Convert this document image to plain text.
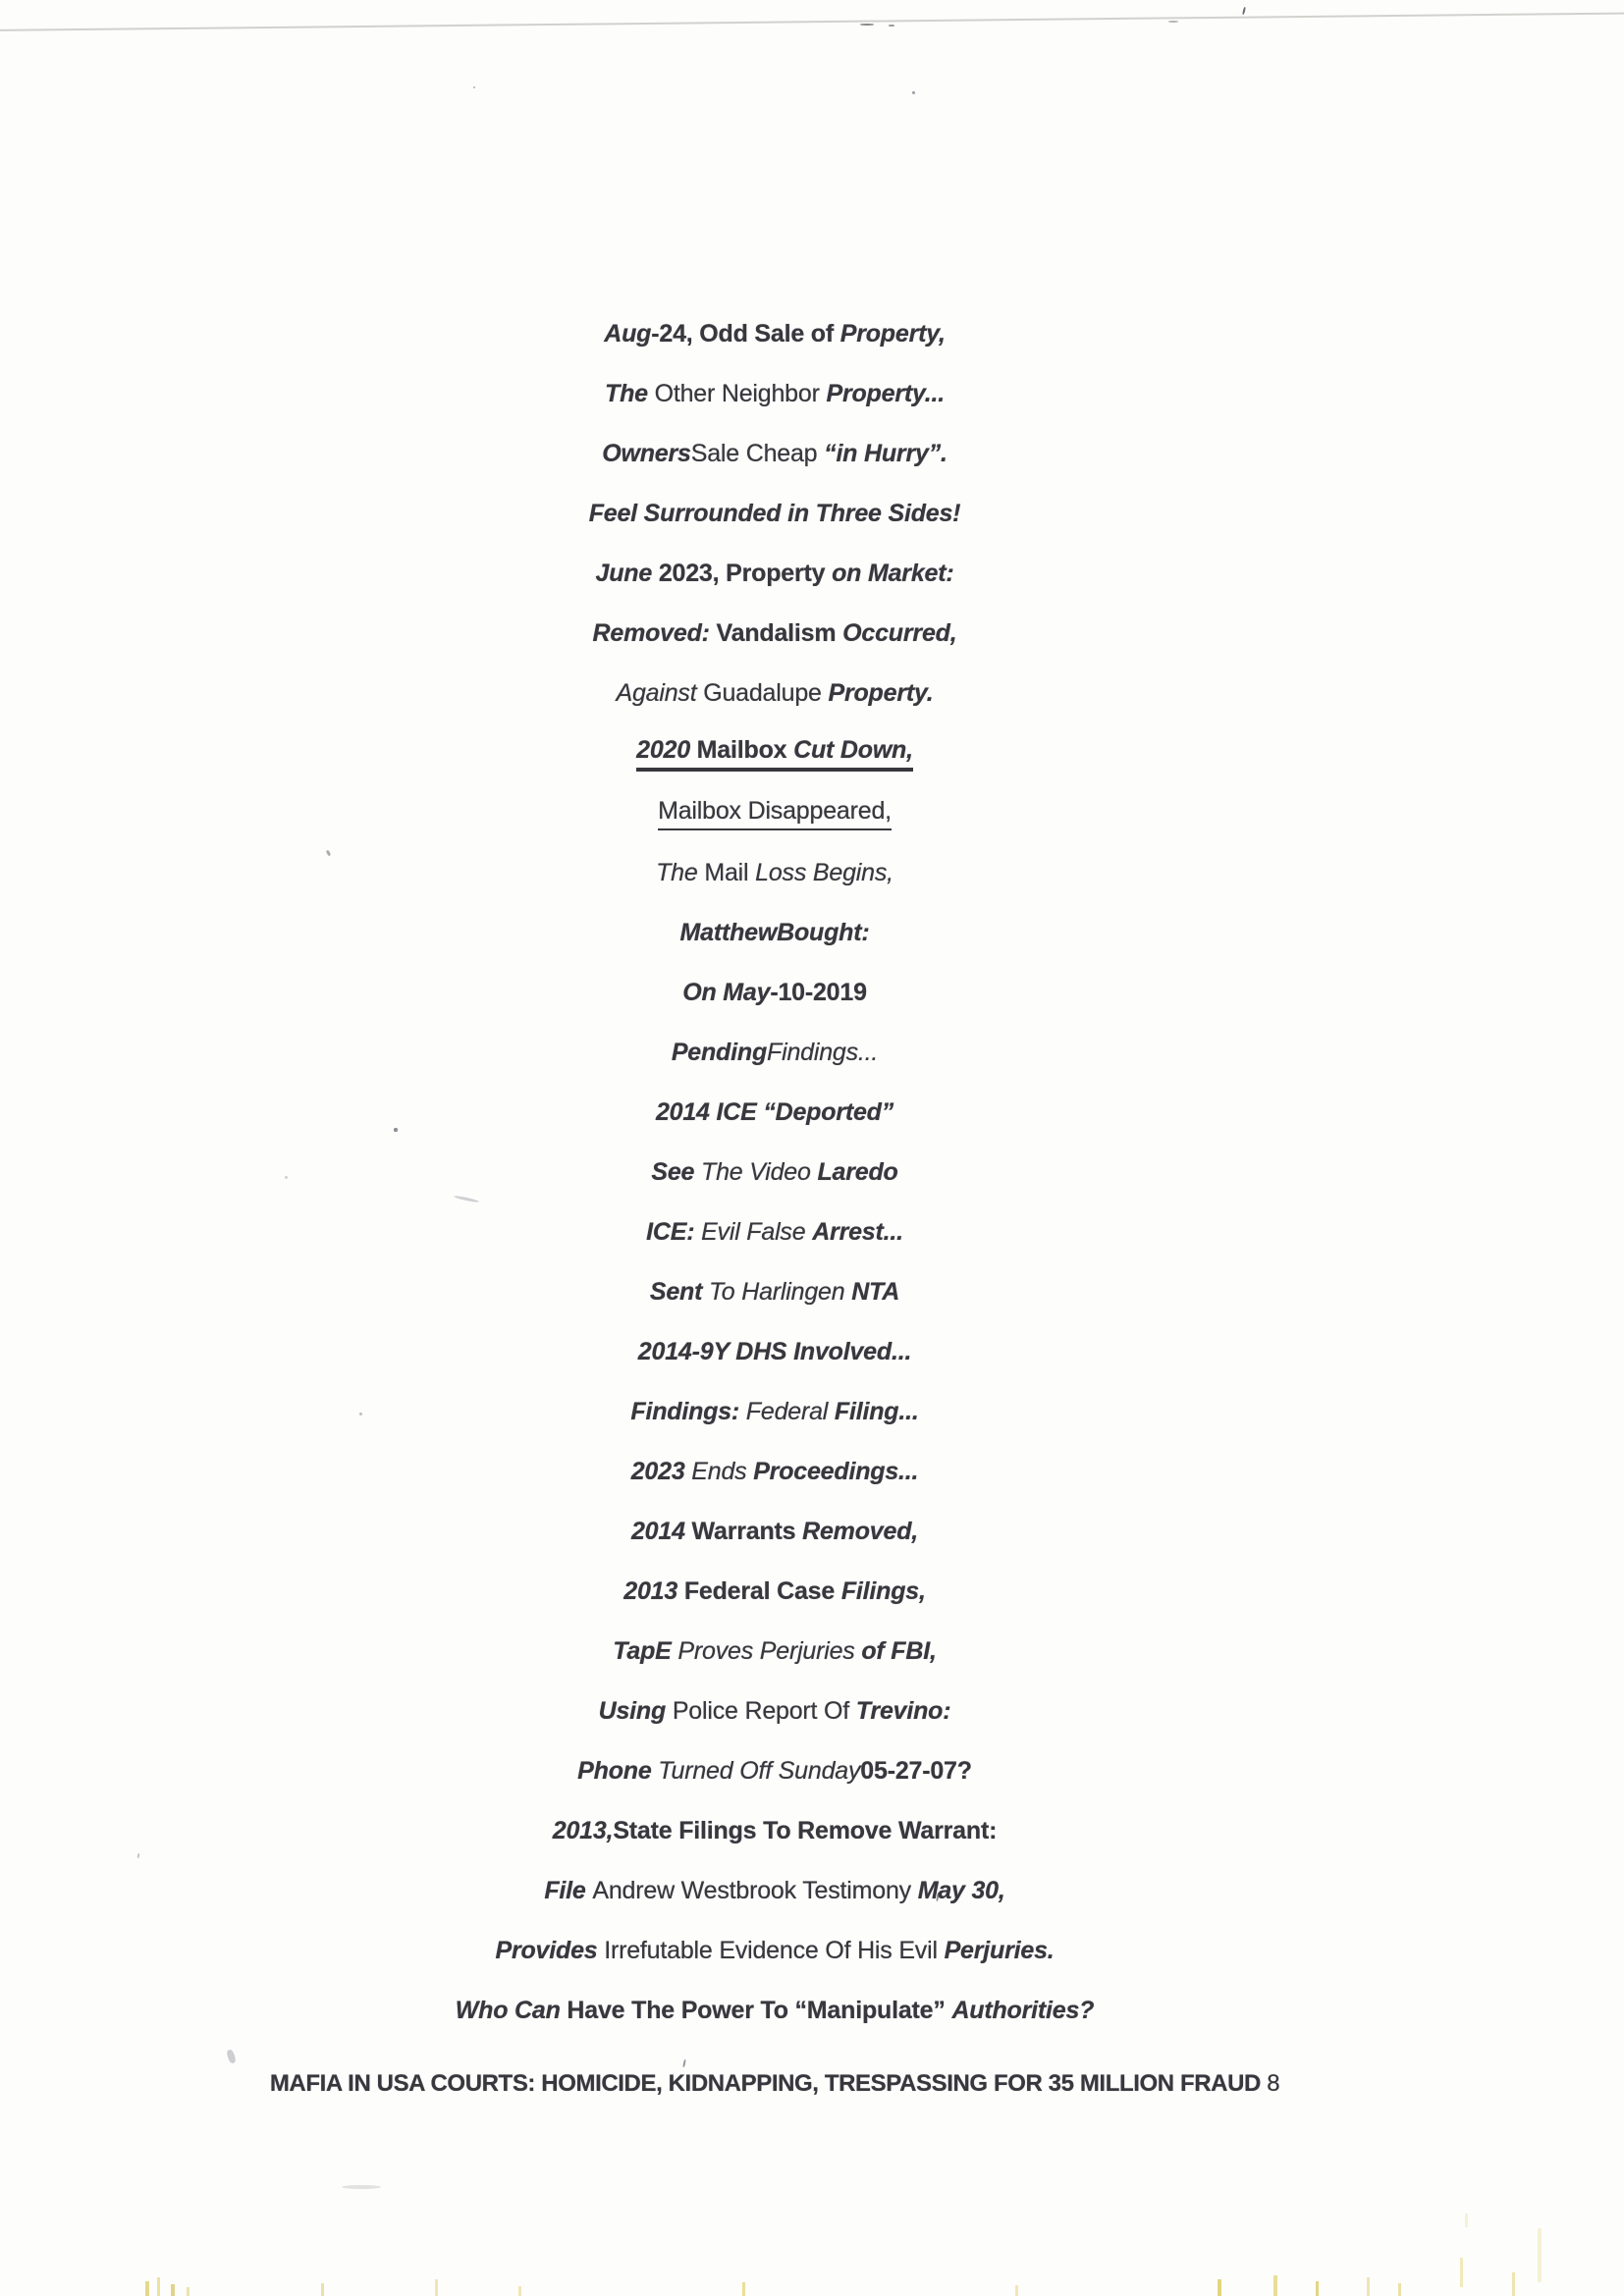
Aug-24, Odd Sale of Property,
The Other Neighbor Property...
OwnersSale Cheap “in Hurry”.
Feel Surrounded in Three Sides!
June 2023, Property on Market:
Removed: Vandalism Occurred,
Against Guadalupe Property.
2020 Mailbox Cut Down,
Mailbox Disappeared,
The Mail Loss Begins,
MatthewBought:
On May-10-2019
PendingFindings...
2014 ICE “Deported”
See The Video Laredo
ICE: Evil False Arrest...
Sent To Harlingen NTA
2014-9Y DHS Involved...
Findings: Federal Filing...
2023 Ends Proceedings...
2014 Warrants Removed,
2013 Federal Case Filings,
TapE Proves Perjuries of FBI,
Using Police Report Of Trevino:
Phone Turned Off Sunday05-27-07?
2013,State Filings To Remove Warrant:
File Andrew Westbrook Testimony May 30,
Provides Irrefutable Evidence Of His Evil Perjuries.
Who Can Have The Power To “Manipulate” Authorities?
MAFIA IN USA COURTS: HOMICIDE, KIDNAPPING, TRESPASSING FOR 35 MILLION FRAUD 8
